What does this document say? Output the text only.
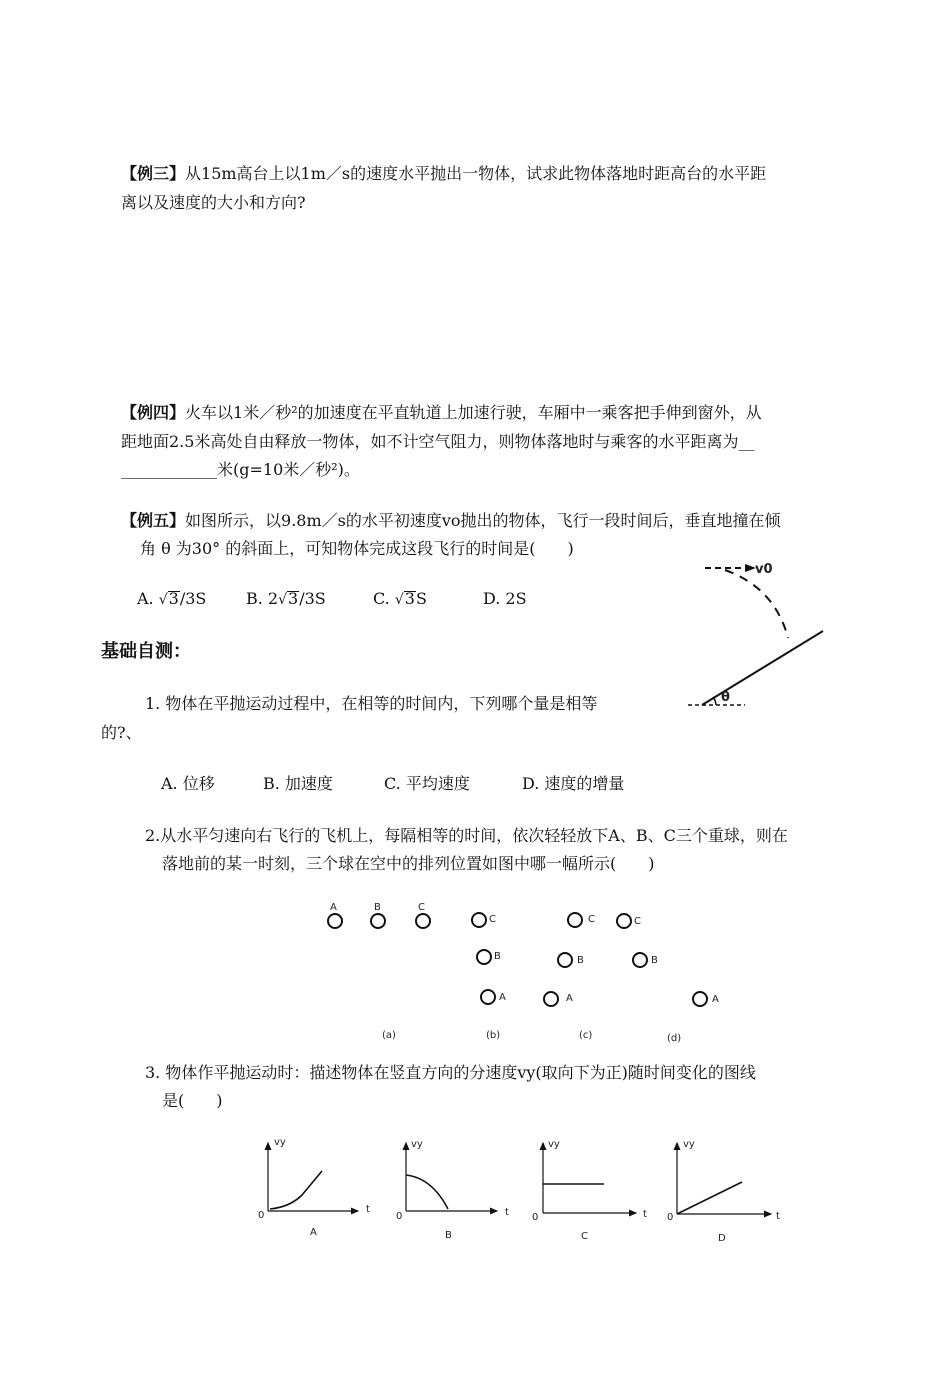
【例三】从15m高台上以1m／s的速度水平抛出一物体，试求此物体落地时距高台的水平距
离以及速度的大小和方向?
【例四】火车以1米／秒²的加速度在平直轨道上加速行驶，车厢中一乘客把手伸到窗外，从
距地面2.5米高处自由释放一物体，如不计空气阻力，则物体落地时与乘客的水平距离为__
____________米(g=10米／秒²)。
【例五】如图所示，以9.8m／s的水平初速度vo抛出的物体，飞行一段时间后，垂直地撞在倾
角 θ 为30° 的斜面上，可知物体完成这段飞行的时间是(　　)
A. √3/3S B. 2√3/3S	C. √3S	D. 2S
v0
θ
基础自测：
1. 物体在平抛运动过程中，在相等的时间内，下列哪个量是相等
的?、
A. 位移	B. 加速度	C. 平均速度	D. 速度的增量
2.从水平匀速向右飞行的飞机上，每隔相等的时间，依次轻轻放下A、B、C三个重球，则在
落地前的某一时刻，三个球在空中的排列位置如图中哪一幅所示(　　)
A	B	C
C
B
A
C
B
A
C
B
A
(a)	(b)	(c)	(d)
3. 物体作平抛运动时：描述物体在竖直方向的分速度vy(取向下为正)随时间变化的图线
是(　　)
vy
t
0
A
vy
t
0
B
vy
t
0
C
vy
t
0
D
